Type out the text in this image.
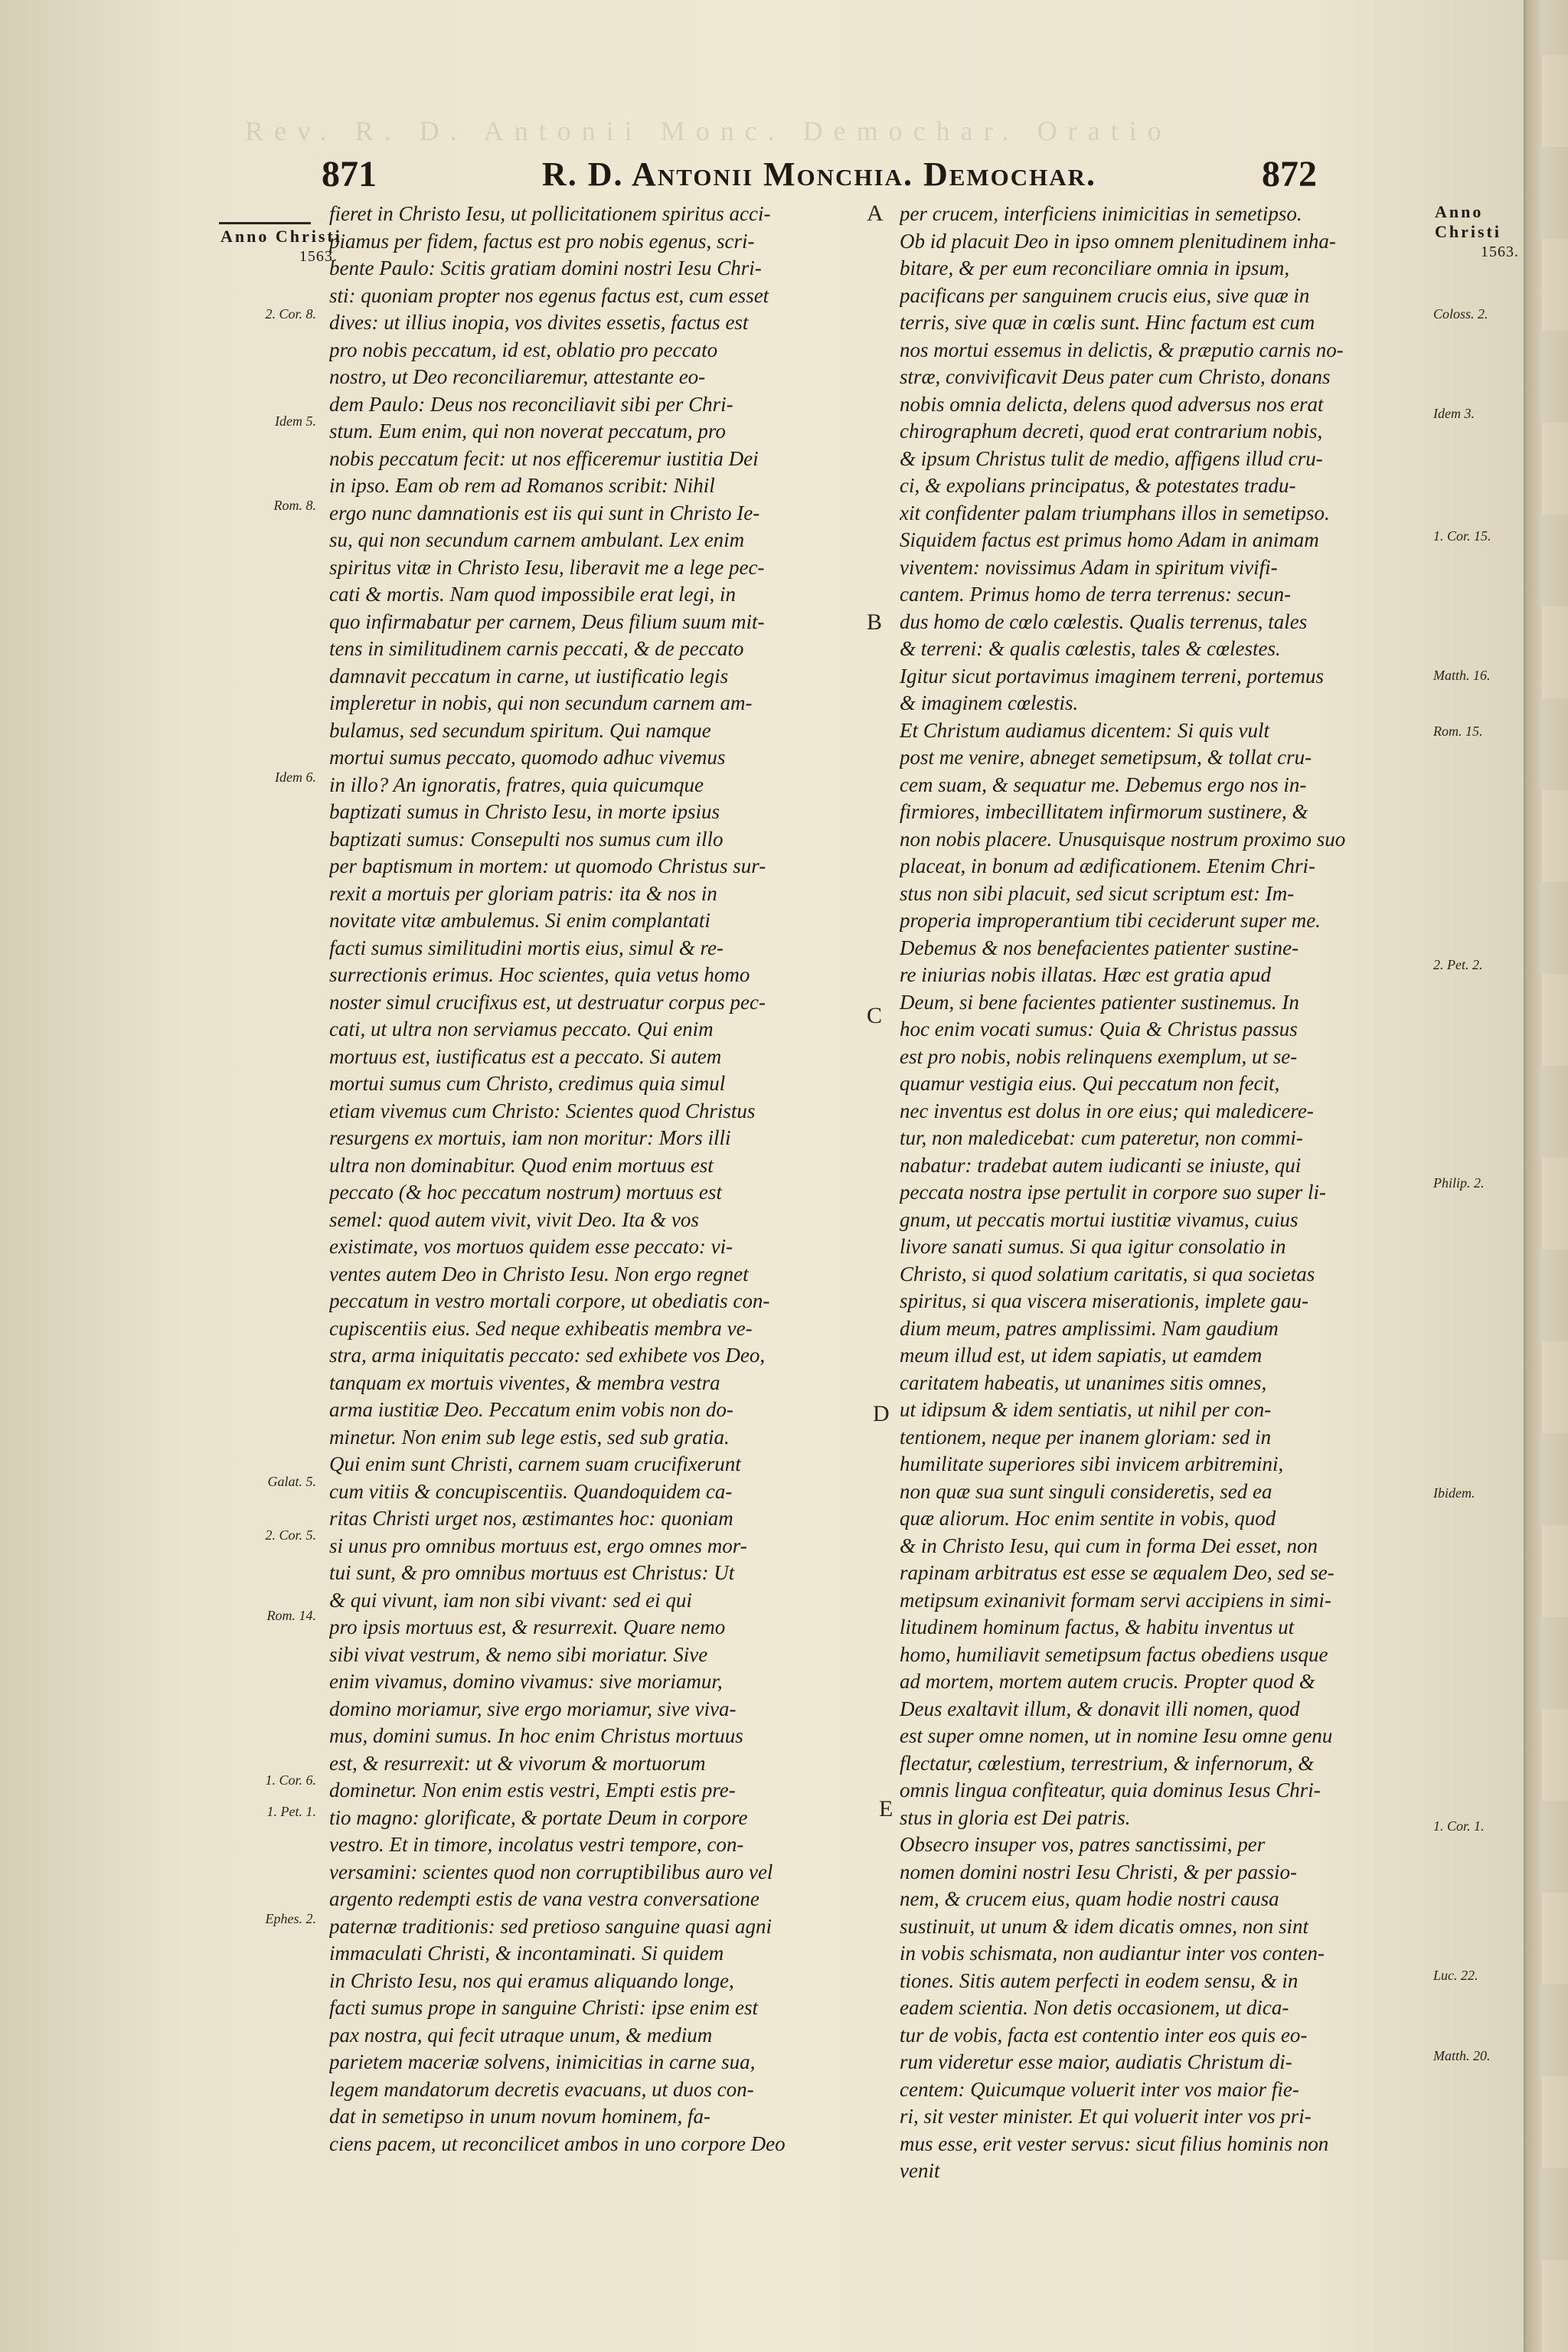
Rev. R. D. Antonii Monc. Demochar. Oratio
871	R. D. Antonii Monchia. Demochar.	872
Anno Christi
1563.
Anno Christi
1563.
2. Cor. 8.
Idem 5.
Rom. 8.
Idem 6.
Galat. 5.
2. Cor. 5.
Rom. 14.
1. Cor. 6.
1. Pet. 1.
Ephes. 2.
Coloss. 2.
Idem 3.
1. Cor. 15.
Matth. 16.
Rom. 15.
2. Pet. 2.
Philip. 2.
Ibidem.
1. Cor. 1.
Luc. 22.
Matth. 20.
A
B
C
D
E

fieret in Christo Iesu, ut pollicitationem spiritus acci-

piamus per fidem, factus est pro nobis egenus, scri-

bente Paulo: Scitis gratiam domini nostri Iesu Chri-

sti: quoniam propter nos egenus factus est, cum esset

dives: ut illius inopia, vos divites essetis, factus est

pro nobis peccatum, id est, oblatio pro peccato

nostro, ut Deo reconciliaremur, attestante eo-

dem Paulo: Deus nos reconciliavit sibi per Chri-

stum. Eum enim, qui non noverat peccatum, pro

nobis peccatum fecit: ut nos efficeremur iustitia Dei

in ipso. Eam ob rem ad Romanos scribit: Nihil

ergo nunc damnationis est iis qui sunt in Christo Ie-

su, qui non secundum carnem ambulant. Lex enim

spiritus vitæ in Christo Iesu, liberavit me a lege pec-

cati & mortis. Nam quod impossibile erat legi, in

quo infirmabatur per carnem, Deus filium suum mit-

tens in similitudinem carnis peccati, & de peccato

damnavit peccatum in carne, ut iustificatio legis

impleretur in nobis, qui non secundum carnem am-

bulamus, sed secundum spiritum. Qui namque

mortui sumus peccato, quomodo adhuc vivemus

in illo? An ignoratis, fratres, quia quicumque

baptizati sumus in Christo Iesu, in morte ipsius

baptizati sumus: Consepulti nos sumus cum illo

per baptismum in mortem: ut quomodo Christus sur-

rexit a mortuis per gloriam patris: ita & nos in

novitate vitæ ambulemus. Si enim complantati

facti sumus similitudini mortis eius, simul & re-

surrectionis erimus. Hoc scientes, quia vetus homo

noster simul crucifixus est, ut destruatur corpus pec-

cati, ut ultra non serviamus peccato. Qui enim

mortuus est, iustificatus est a peccato. Si autem

mortui sumus cum Christo, credimus quia simul

etiam vivemus cum Christo: Scientes quod Christus

resurgens ex mortuis, iam non moritur: Mors illi

ultra non dominabitur. Quod enim mortuus est

peccato (& hoc peccatum nostrum) mortuus est

semel: quod autem vivit, vivit Deo. Ita & vos

existimate, vos mortuos quidem esse peccato: vi-

ventes autem Deo in Christo Iesu. Non ergo regnet

peccatum in vestro mortali corpore, ut obediatis con-

cupiscentiis eius. Sed neque exhibeatis membra ve-

stra, arma iniquitatis peccato: sed exhibete vos Deo,

tanquam ex mortuis viventes, & membra vestra

arma iustitiæ Deo. Peccatum enim vobis non do-

minetur. Non enim sub lege estis, sed sub gratia.

Qui enim sunt Christi, carnem suam crucifixerunt

cum vitiis & concupiscentiis. Quandoquidem ca-

ritas Christi urget nos, æstimantes hoc: quoniam

si unus pro omnibus mortuus est, ergo omnes mor-

tui sunt, & pro omnibus mortuus est Christus: Ut

& qui vivunt, iam non sibi vivant: sed ei qui

pro ipsis mortuus est, & resurrexit. Quare nemo

sibi vivat vestrum, & nemo sibi moriatur. Sive

enim vivamus, domino vivamus: sive moriamur,

domino moriamur, sive ergo moriamur, sive viva-

mus, domini sumus. In hoc enim Christus mortuus

est, & resurrexit: ut & vivorum & mortuorum

dominetur. Non enim estis vestri, Empti estis pre-

tio magno: glorificate, & portate Deum in corpore

vestro. Et in timore, incolatus vestri tempore, con-

versamini: scientes quod non corruptibilibus auro vel

argento redempti estis de vana vestra conversatione

paternæ traditionis: sed pretioso sanguine quasi agni

immaculati Christi, & incontaminati. Si quidem

in Christo Iesu, nos qui eramus aliquando longe,

facti sumus prope in sanguine Christi: ipse enim est

pax nostra, qui fecit utraque unum, & medium

parietem maceriæ solvens, inimicitias in carne sua,

legem mandatorum decretis evacuans, ut duos con-

dat in semetipso in unum novum hominem, fa-

ciens pacem, ut reconcilicet ambos in uno corpore Deo

per crucem, interficiens inimicitias in semetipso.

Ob id placuit Deo in ipso omnem plenitudinem inha-

bitare, & per eum reconciliare omnia in ipsum,

pacificans per sanguinem crucis eius, sive quæ in

terris, sive quæ in cœlis sunt. Hinc factum est cum

nos mortui essemus in delictis, & præputio carnis no-

stræ, convivificavit Deus pater cum Christo, donans

nobis omnia delicta, delens quod adversus nos erat

chirographum decreti, quod erat contrarium nobis,

& ipsum Christus tulit de medio, affigens illud cru-

ci, & expolians principatus, & potestates tradu-

xit confidenter palam triumphans illos in semetipso.

Siquidem factus est primus homo Adam in animam

viventem: novissimus Adam in spiritum vivifi-

cantem. Primus homo de terra terrenus: secun-

dus homo de cœlo cœlestis. Qualis terrenus, tales

& terreni: & qualis cœlestis, tales & cœlestes.

Igitur sicut portavimus imaginem terreni, portemus

& imaginem cœlestis.

Et Christum audiamus dicentem: Si quis vult

post me venire, abneget semetipsum, & tollat cru-

cem suam, & sequatur me. Debemus ergo nos in-

firmiores, imbecillitatem infirmorum sustinere, &

non nobis placere. Unusquisque nostrum proximo suo

placeat, in bonum ad ædificationem. Etenim Chri-

stus non sibi placuit, sed sicut scriptum est: Im-

properia improperantium tibi ceciderunt super me.

Debemus & nos benefacientes patienter sustine-

re iniurias nobis illatas. Hæc est gratia apud

Deum, si bene facientes patienter sustinemus. In

hoc enim vocati sumus: Quia & Christus passus

est pro nobis, nobis relinquens exemplum, ut se-

quamur vestigia eius. Qui peccatum non fecit,

nec inventus est dolus in ore eius; qui maledicere-

tur, non maledicebat: cum pateretur, non commi-

nabatur: tradebat autem iudicanti se iniuste, qui

peccata nostra ipse pertulit in corpore suo super li-

gnum, ut peccatis mortui iustitiæ vivamus, cuius

livore sanati sumus. Si qua igitur consolatio in

Christo, si quod solatium caritatis, si qua societas

spiritus, si qua viscera miserationis, implete gau-

dium meum, patres amplissimi. Nam gaudium

meum illud est, ut idem sapiatis, ut eamdem

caritatem habeatis, ut unanimes sitis omnes,

ut idipsum & idem sentiatis, ut nihil per con-

tentionem, neque per inanem gloriam: sed in

humilitate superiores sibi invicem arbitremini,

non quæ sua sunt singuli consideretis, sed ea

quæ aliorum. Hoc enim sentite in vobis, quod

& in Christo Iesu, qui cum in forma Dei esset, non

rapinam arbitratus est esse se æqualem Deo, sed se-

metipsum exinanivit formam servi accipiens in simi-

litudinem hominum factus, & habitu inventus ut

homo, humiliavit semetipsum factus obediens usque

ad mortem, mortem autem crucis. Propter quod &

Deus exaltavit illum, & donavit illi nomen, quod

est super omne nomen, ut in nomine Iesu omne genu

flectatur, cœlestium, terrestrium, & infernorum, &

omnis lingua confiteatur, quia dominus Iesus Chri-

stus in gloria est Dei patris.

Obsecro insuper vos, patres sanctissimi, per

nomen domini nostri Iesu Christi, & per passio-

nem, & crucem eius, quam hodie nostri causa

sustinuit, ut unum & idem dicatis omnes, non sint

in vobis schismata, non audiantur inter vos conten-

tiones. Sitis autem perfecti in eodem sensu, & in

eadem scientia. Non detis occasionem, ut dica-

tur de vobis, facta est contentio inter eos quis eo-

rum videretur esse maior, audiatis Christum di-

centem: Quicumque voluerit inter vos maior fie-

ri, sit vester minister. Et qui voluerit inter vos pri-

mus esse, erit vester servus: sicut filius hominis non

venit
